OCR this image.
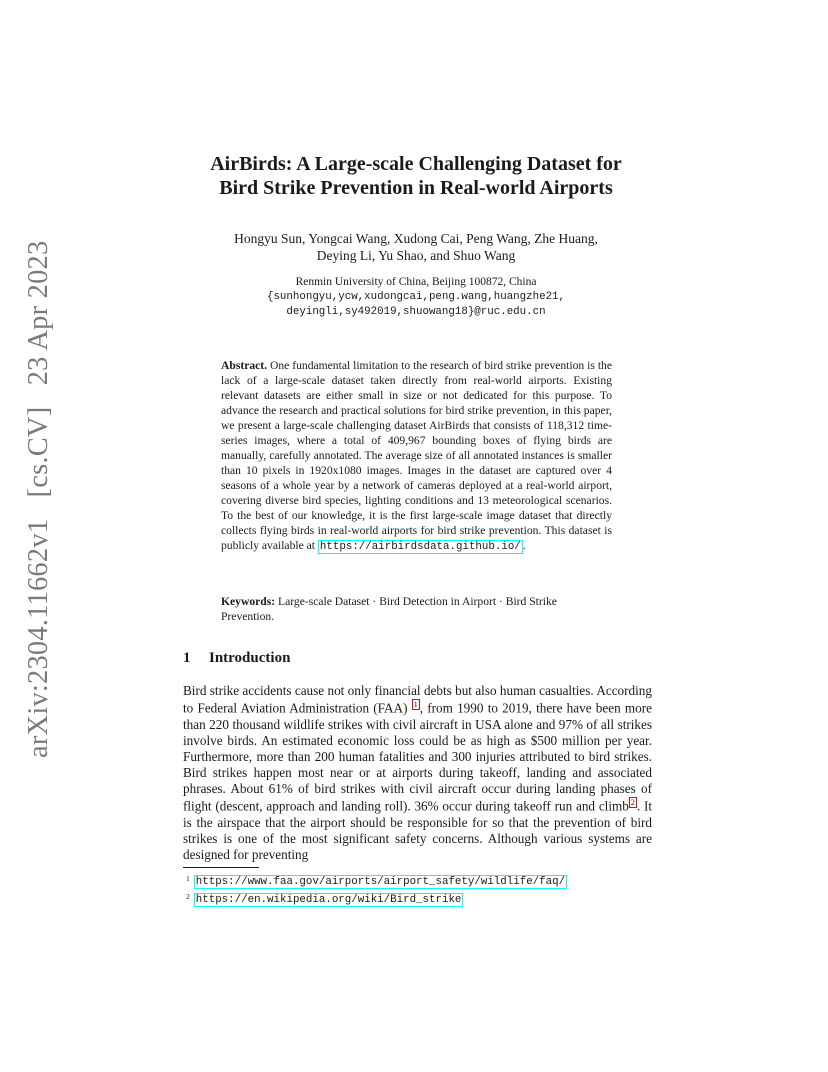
arXiv:2304.11662v1 [cs.CV] 23 Apr 2023
AirBirds: A Large-scale Challenging Dataset for
Bird Strike Prevention in Real-world Airports
Hongyu Sun, Yongcai Wang, Xudong Cai, Peng Wang, Zhe Huang,
Deying Li, Yu Shao, and Shuo Wang
Renmin University of China, Beijing 100872, China
{sunhongyu,ycw,xudongcai,peng.wang,huangzhe21,
deyingli,sy492019,shuowang18}@ruc.edu.cn
Abstract. One fundamental limitation to the research of bird strike prevention is the lack of a large-scale dataset taken directly from real-world airports. Existing relevant datasets are either small in size or not dedicated for this purpose. To advance the research and practical solutions for bird strike prevention, in this paper, we present a large-scale challenging dataset AirBirds that consists of 118,312 time-series images, where a total of 409,967 bounding boxes of flying birds are manually, carefully annotated. The average size of all annotated instances is smaller than 10 pixels in 1920x1080 images. Images in the dataset are captured over 4 seasons of a whole year by a network of cameras deployed at a real-world airport, covering diverse bird species, lighting conditions and 13 meteorological scenarios. To the best of our knowledge, it is the first large-scale image dataset that directly collects flying birds in real-world airports for bird strike prevention. This dataset is publicly available at https://airbirdsdata.github.io/ .
Keywords: Large-scale Dataset · Bird Detection in Airport · Bird Strike Prevention.
1 Introduction
Bird strike accidents cause not only financial debts but also human casualties. According to Federal Aviation Administration (FAA) 1 , from 1990 to 2019, there have been more than 220 thousand wildlife strikes with civil aircraft in USA alone and 97% of all strikes involve birds. An estimated economic loss could be as high as $500 million per year. Furthermore, more than 200 human fatalities and 300 injuries attributed to bird strikes. Bird strikes happen most near or at airports during takeoff, landing and associated phrases. About 61% of bird strikes with civil aircraft occur during landing phases of flight (descent, approach and landing roll). 36% occur during takeoff run and climb 2 . It is the airspace that the airport should be responsible for so that the prevention of bird strikes is one of the most significant safety concerns. Although various systems are designed for preventing
$^1$ https://www.faa.gov/airports/airport_safety/wildlife/faq/
$^2$ https://en.wikipedia.org/wiki/Bird_strike
